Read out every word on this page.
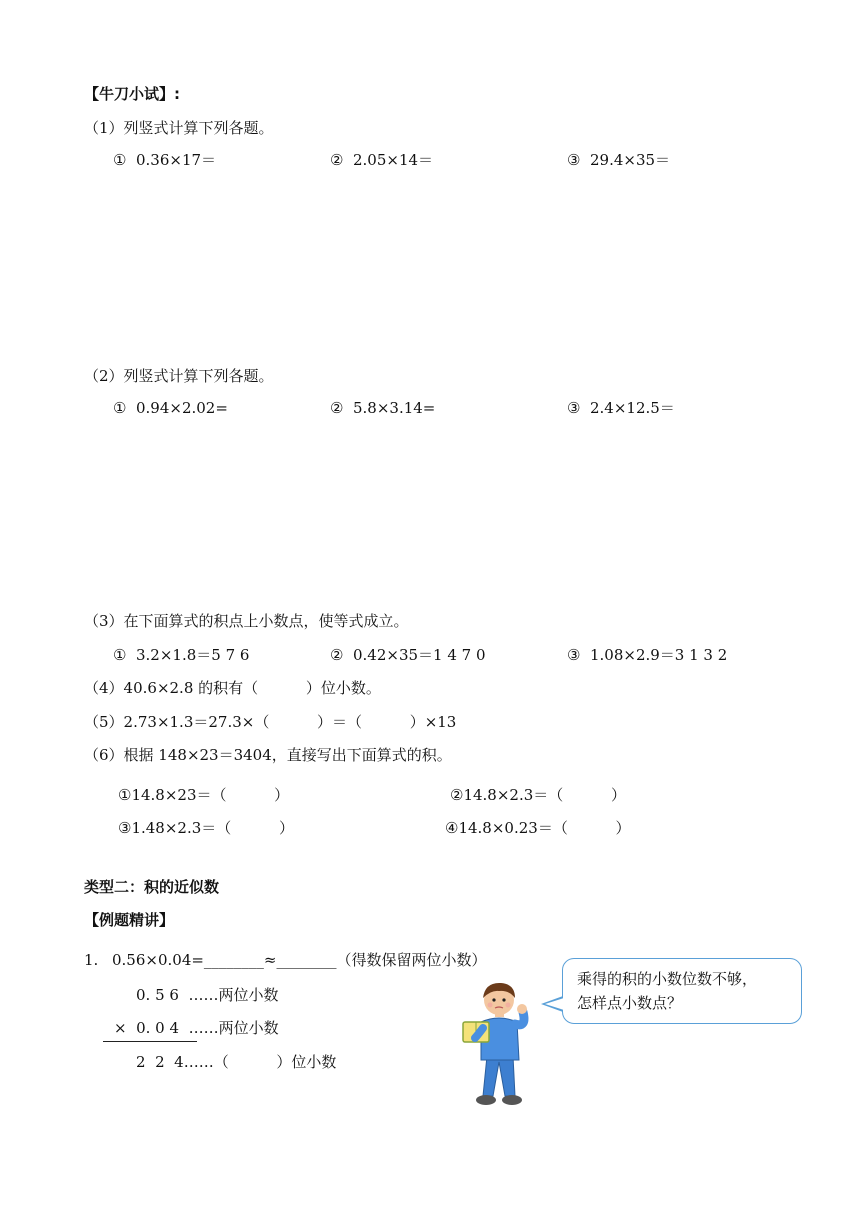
【牛刀小试】:
（1）列竖式计算下列各题。
①  0.36×17＝	②  2.05×14＝	③  29.4×35＝
（2）列竖式计算下列各题。
①  0.94×2.02=	②  5.8×3.14=	③  2.4×12.5＝
（3）在下面算式的积点上小数点，使等式成立。
①  3.2×1.8＝5 7 6	②  0.42×35＝1 4 7 0	③  1.08×2.9＝3 1 3 2
（4）40.6×2.8 的积有（          ）位小数。
（5）2.73×1.3＝27.3×（          ）＝（          ）×13
（6）根据 148×23＝3404，直接写出下面算式的积。
①14.8×23＝（          ）	②14.8×2.3＝（          ）
③1.48×2.3＝（          ）	④14.8×0.23＝（          ）
类型二：积的近似数
【例题精讲】
1. 0.56×0.04=________≈________（得数保留两位小数）
0. 5 6  ……两位小数
×  0. 0 4  ……两位小数
2  2  4……（          ）位小数
乘得的积的小数位数不够，
怎样点小数点？
